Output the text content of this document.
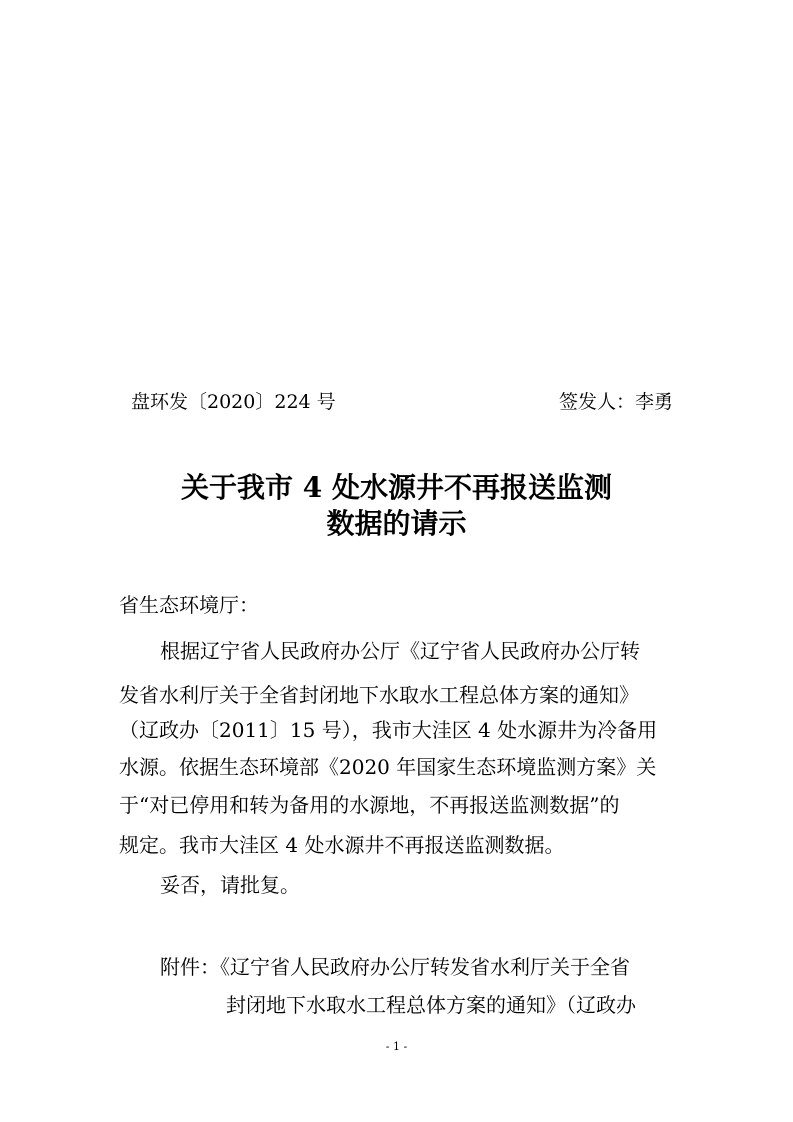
盘环发〔2020〕224 号	签发人：李勇
关于我市 4 处水源井不再报送监测
数据的请示
省生态环境厅：
根据辽宁省人民政府办公厅《辽宁省人民政府办公厅转
发省水利厅关于全省封闭地下水取水工程总体方案的通知》
（辽政办〔2011〕15 号），我市大洼区 4 处水源井为冷备用
水源。依据生态环境部《2020 年国家生态环境监测方案》关
于“对已停用和转为备用的水源地，不再报送监测数据”的
规定。我市大洼区 4 处水源井不再报送监测数据。
妥否，请批复。
附件：《辽宁省人民政府办公厅转发省水利厅关于全省
封闭地下水取水工程总体方案的通知》（辽政办
- 1 -
